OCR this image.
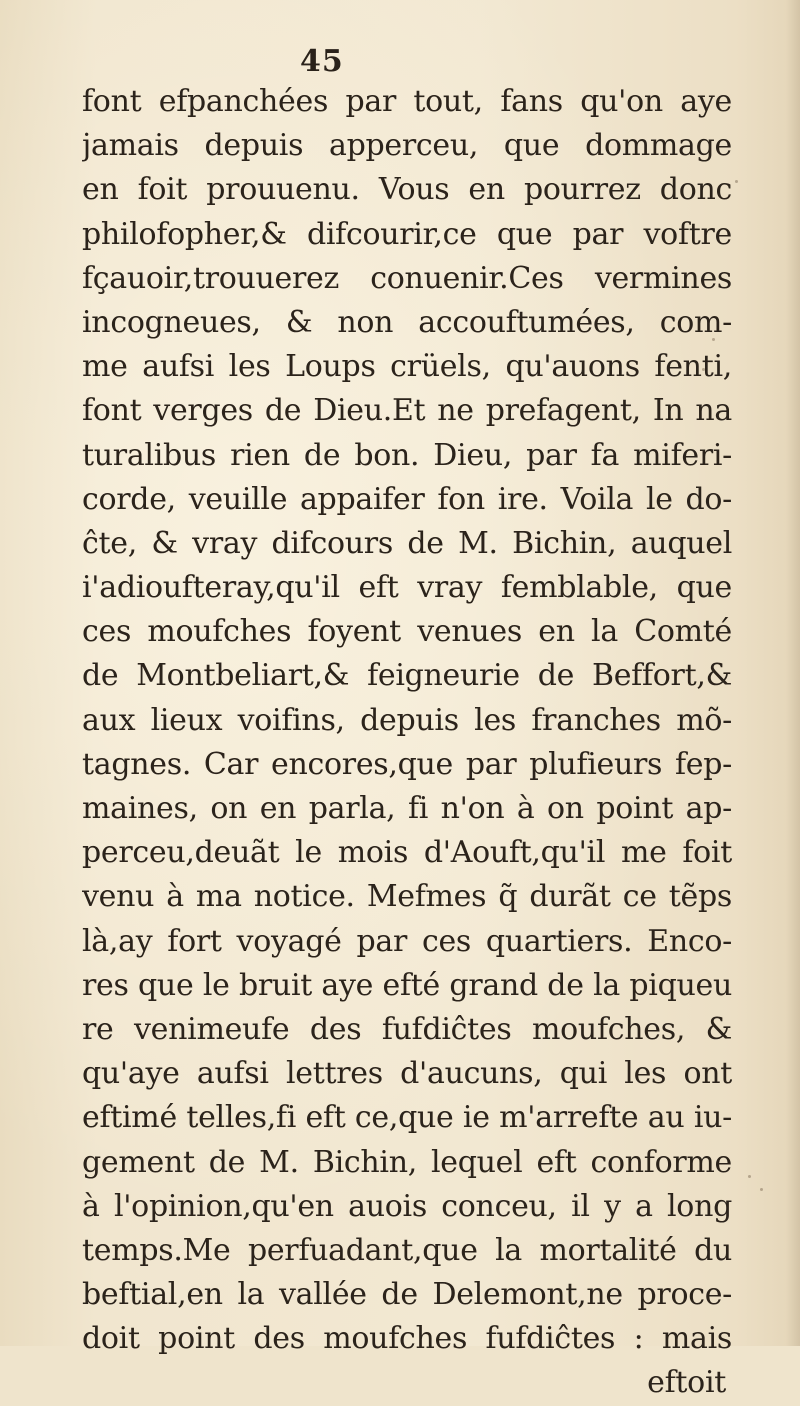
45
font efpanchées par tout, fans qu'on aye
jamais depuis apperceu, que dommage
en foit prouuenu. Vous en pourrez donc
philofopher,& difcourir,ce que par voftre
fçauoir,trouuerez conuenir.Ces vermines
incogneues, & non accouftumées, com-
me aufsi les Loups crüels, qu'auons fenti,
font verges de Dieu.Et ne prefagent, In na
turalibus rien de bon. Dieu, par fa miferi-
corde, veuille appaifer fon ire. Voila le do-
ĉte, & vray difcours de M. Bichin, auquel
i'adioufteray,qu'il eft vray femblable, que
ces moufches foyent venues en la Comté
de Montbeliart,& feigneurie de Beffort,&
aux lieux voifins, depuis les franches mõ-
tagnes. Car encores,que par plufieurs fep-
maines, on en parla, fi n'on à on point ap-
perceu,deuãt le mois d'Aouft,qu'il me foit
venu à ma notice. Mefmes q̃ durãt ce tẽps
là,ay fort voyagé par ces quartiers. Enco-
res que le bruit aye efté grand de la piqueu
re venimeufe des fufdiĉtes moufches, &
qu'aye aufsi lettres d'aucuns, qui les ont
eftimé telles,fi eft ce,que ie m'arrefte au iu-
gement de M. Bichin, lequel eft conforme
à l'opinion,qu'en auois conceu, il y a long
temps.Me perfuadant,que la mortalité du
beftial,en la vallée de Delemont,ne proce-
doit point des moufches fufdiĉtes : mais
eftoit
